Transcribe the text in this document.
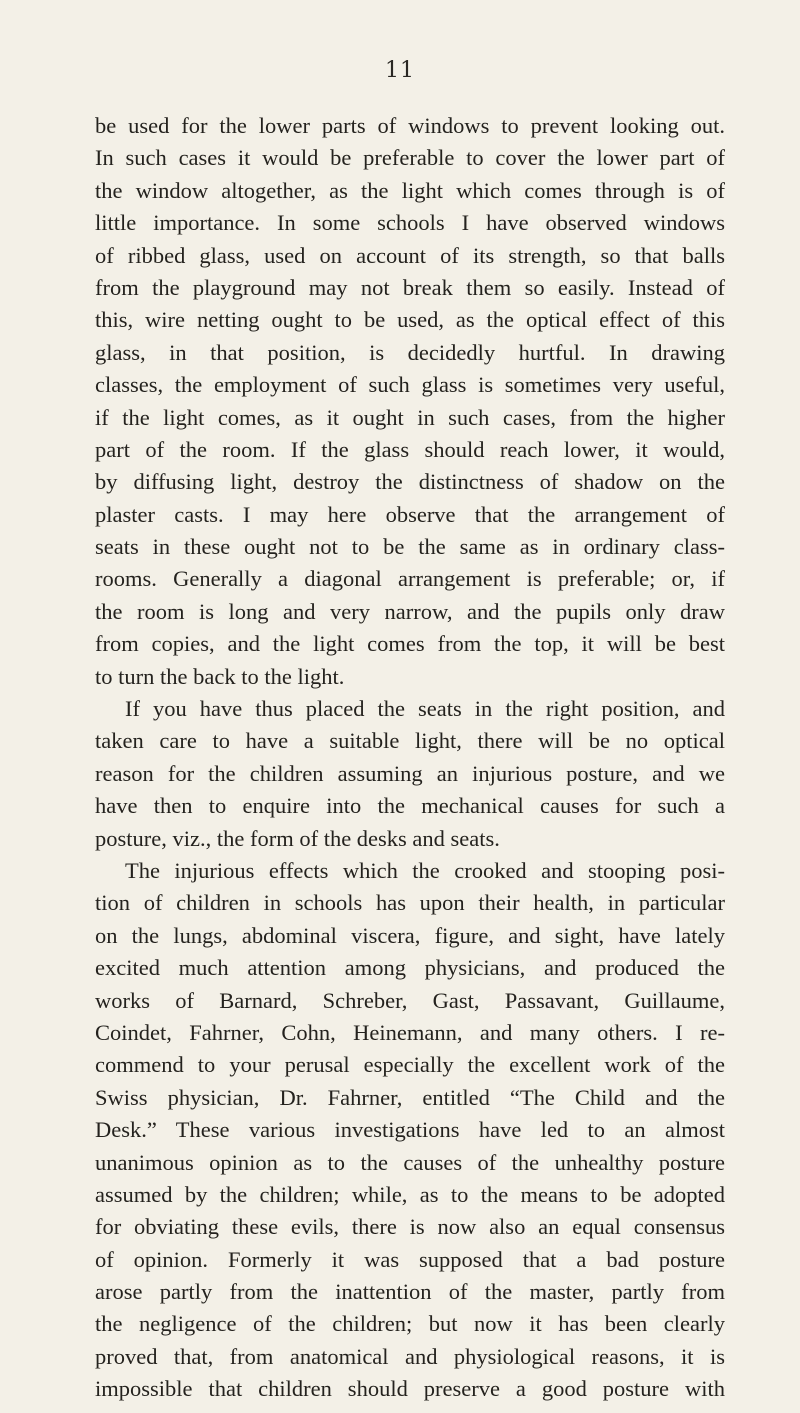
11
be used for the lower parts of windows to prevent looking out.
In such cases it would be preferable to cover the lower part of
the window altogether, as the light which comes through is of
little importance. In some schools I have observed windows
of ribbed glass, used on account of its strength, so that balls
from the playground may not break them so easily. Instead of
this, wire netting ought to be used, as the optical effect of this
glass, in that position, is decidedly hurtful. In drawing
classes, the employment of such glass is sometimes very useful,
if the light comes, as it ought in such cases, from the higher
part of the room. If the glass should reach lower, it would,
by diffusing light, destroy the distinctness of shadow on the
plaster casts. I may here observe that the arrangement of
seats in these ought not to be the same as in ordinary class-
rooms. Generally a diagonal arrangement is preferable; or, if
the room is long and very narrow, and the pupils only draw
from copies, and the light comes from the top, it will be best
to turn the back to the light.
If you have thus placed the seats in the right position, and
taken care to have a suitable light, there will be no optical
reason for the children assuming an injurious posture, and we
have then to enquire into the mechanical causes for such a
posture, viz., the form of the desks and seats.
The injurious effects which the crooked and stooping posi-
tion of children in schools has upon their health, in particular
on the lungs, abdominal viscera, figure, and sight, have lately
excited much attention among physicians, and produced the
works of Barnard, Schreber, Gast, Passavant, Guillaume,
Coindet, Fahrner, Cohn, Heinemann, and many others. I re-
commend to your perusal especially the excellent work of the
Swiss physician, Dr. Fahrner, entitled “The Child and the
Desk.” These various investigations have led to an almost
unanimous opinion as to the causes of the unhealthy posture
assumed by the children; while, as to the means to be adopted
for obviating these evils, there is now also an equal consensus
of opinion. Formerly it was supposed that a bad posture
arose partly from the inattention of the master, partly from
the negligence of the children; but now it has been clearly
proved that, from anatomical and physiological reasons, it is
impossible that children should preserve a good posture with
